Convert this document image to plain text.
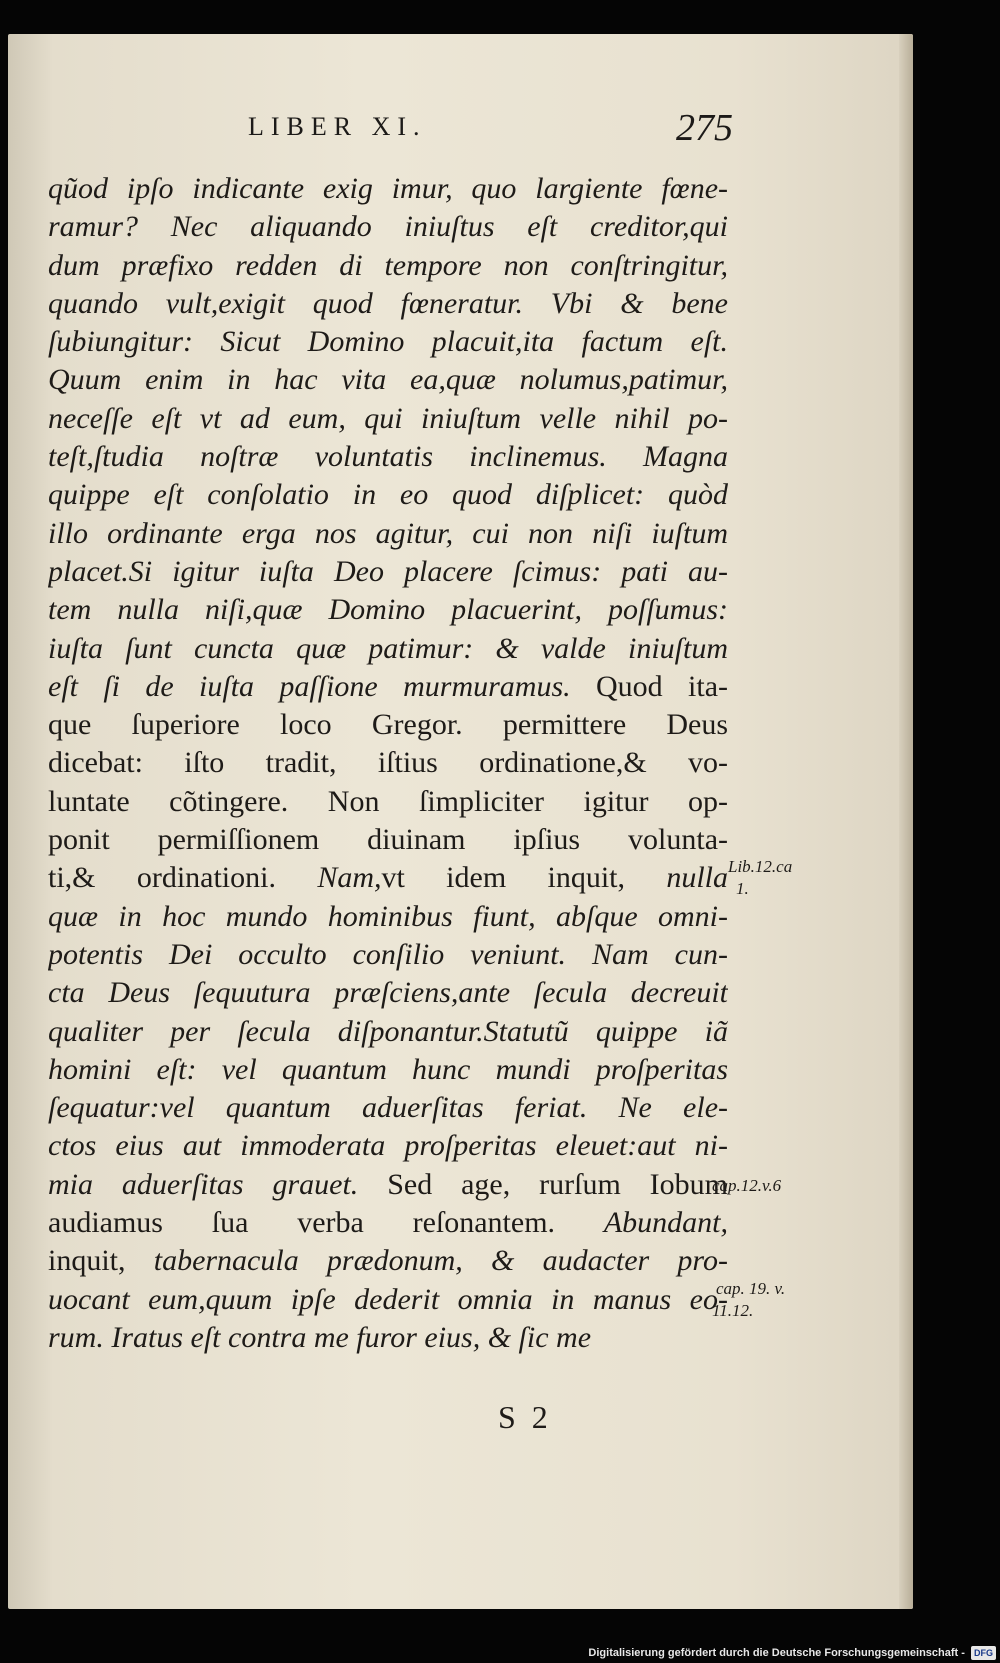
LIBER XI.	275
qũod ipſo indicante exig imur, quo largiente fœne-
ramur? Nec aliquando iniuſtus eſt creditor,qui
dum præfixo redden di tempore non conſtringitur,
quando vult,exigit quod fœneratur. Vbi & bene
ſubiungitur: Sicut Domino placuit,ita factum eſt.
Quum enim in hac vita ea,quæ nolumus,patimur,
neceſſe eſt vt ad eum, qui iniuſtum velle nihil po-
teſt,ſtudia noſtræ voluntatis inclinemus. Magna
quippe eſt conſolatio in eo quod diſplicet: quòd
illo ordinante erga nos agitur, cui non niſi iuſtum
placet.Si igitur iuſta Deo placere ſcimus: pati au-
tem nulla niſi,quæ Domino placuerint, poſſumus:
iuſta ſunt cuncta quæ patimur: & valde iniuſtum
eſt ſi de iuſta paſſione murmuramus. Quod ita-
que ſuperiore loco Gregor. permittere Deus
dicebat: iſto tradit, iſtius ordinatione,& vo-
luntate cõtingere. Non ſimpliciter igitur op-
ponit permiſſionem diuinam ipſius volunta-
ti,& ordinationi. Nam,vt idem inquit, nulla
quæ in hoc mundo hominibus fiunt, abſque omni-
potentis Dei occulto conſilio veniunt. Nam cun-
cta Deus ſequutura præſciens,ante ſecula decreuit
qualiter per ſecula diſponantur.Statutũ quippe iã
homini eſt: vel quantum hunc mundi proſperitas
ſequatur:vel quantum aduerſitas feriat. Ne ele-
ctos eius aut immoderata proſperitas eleuet:aut ni-
mia aduerſitas grauet. Sed age, rurſum Iobum
audiamus ſua verba reſonantem. Abundant,
inquit, tabernacula prædonum, & audacter pro-
uocant eum,quum ipſe dederit omnia in manus eo-
rum. Iratus eſt contra me furor eius, & ſic me
Lib.12.ca
1.
cap.12.v.6
cap. 19. v.
11.12.
S 2
Digitalisierung gefördert durch die Deutsche Forschungsgemeinschaft - DFG
